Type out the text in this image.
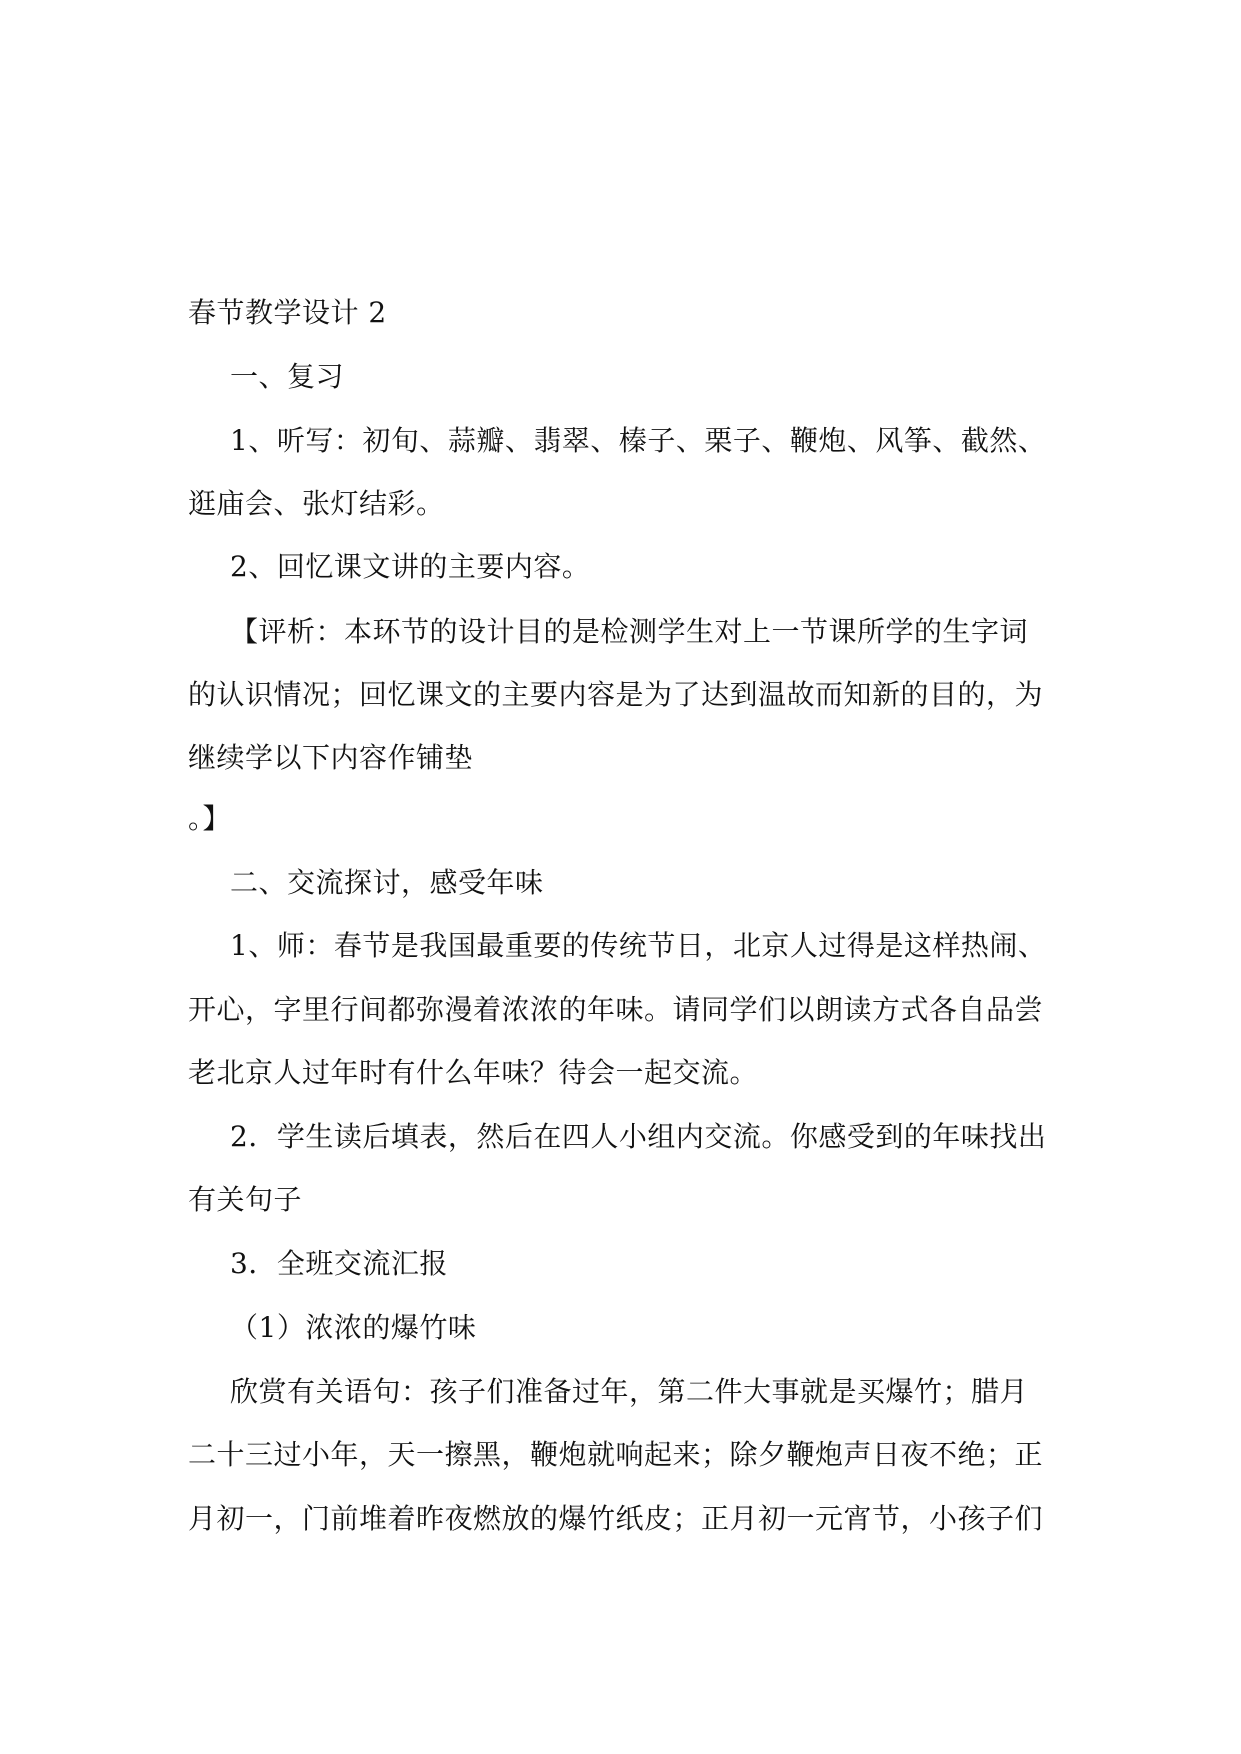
春节教学设计 2
一、复习
1、听写：初旬、蒜瓣、翡翠、榛子、栗子、鞭炮、风筝、截然、
逛庙会、张灯结彩。
2、回忆课文讲的主要内容。
【评析：本环节的设计目的是检测学生对上一节课所学的生字词
的认识情况；回忆课文的主要内容是为了达到温故而知新的目的，为
继续学以下内容作铺垫
。】
二、交流探讨，感受年味
1、师：春节是我国最重要的传统节日，北京人过得是这样热闹、
开心，字里行间都弥漫着浓浓的年味。请同学们以朗读方式各自品尝
老北京人过年时有什么年味？待会一起交流。
2．学生读后填表，然后在四人小组内交流。你感受到的年味找出
有关句子
3．全班交流汇报
（1）浓浓的爆竹味
欣赏有关语句：孩子们准备过年，第二件大事就是买爆竹；腊月
二十三过小年，天一擦黑，鞭炮就响起来；除夕鞭炮声日夜不绝；正
月初一，门前堆着昨夜燃放的爆竹纸皮；正月初一元宵节，小孩子们
